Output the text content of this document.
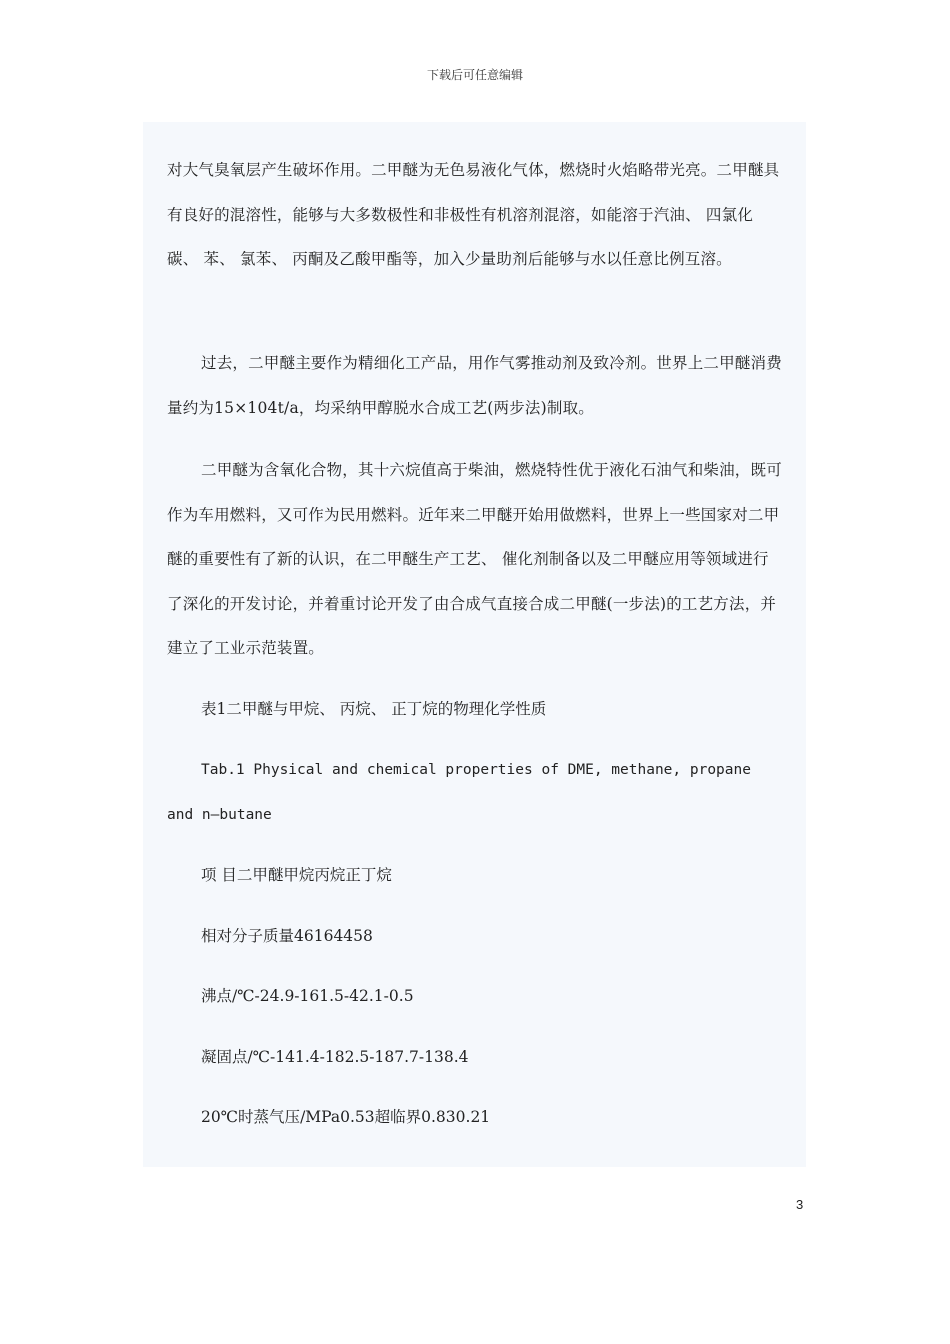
下载后可任意编辑

对大气臭氧层产生破坏作用。二甲醚为无色易液化气体，燃烧时火焰略带光亮。二甲醚具有良好的混溶性，能够与大多数极性和非极性有机溶剂混溶，如能溶于汽油、 四氯化碳、 苯、 氯苯、 丙酮及乙酸甲酯等，加入少量助剂后能够与水以任意比例互溶。

过去，二甲醚主要作为精细化工产品，用作气雾推动剂及致冷剂。世界上二甲醚消费量约为15×104t/a，均采纳甲醇脱水合成工艺(两步法)制取。

二甲醚为含氧化合物，其十六烷值高于柴油，燃烧特性优于液化石油气和柴油，既可作为车用燃料，又可作为民用燃料。近年来二甲醚开始用做燃料，世界上一些国家对二甲醚的重要性有了新的认识，在二甲醚生产工艺、 催化剂制备以及二甲醚应用等领域进行了深化的开发讨论，并着重讨论开发了由合成气直接合成二甲醚(一步法)的工艺方法，并建立了工业示范装置。

表1二甲醚与甲烷、 丙烷、 正丁烷的物理化学性质

Tab.1 Physical and chemical properties of DME, methane, propane and n—butane

项 目二甲醚甲烷丙烷正丁烷

相对分子质量46164458

沸点/℃-24.9-161.5-42.1-0.5

凝固点/℃-141.4-182.5-187.7-138.4

20℃时蒸气压/MPa0.53超临界0.830.21

3
